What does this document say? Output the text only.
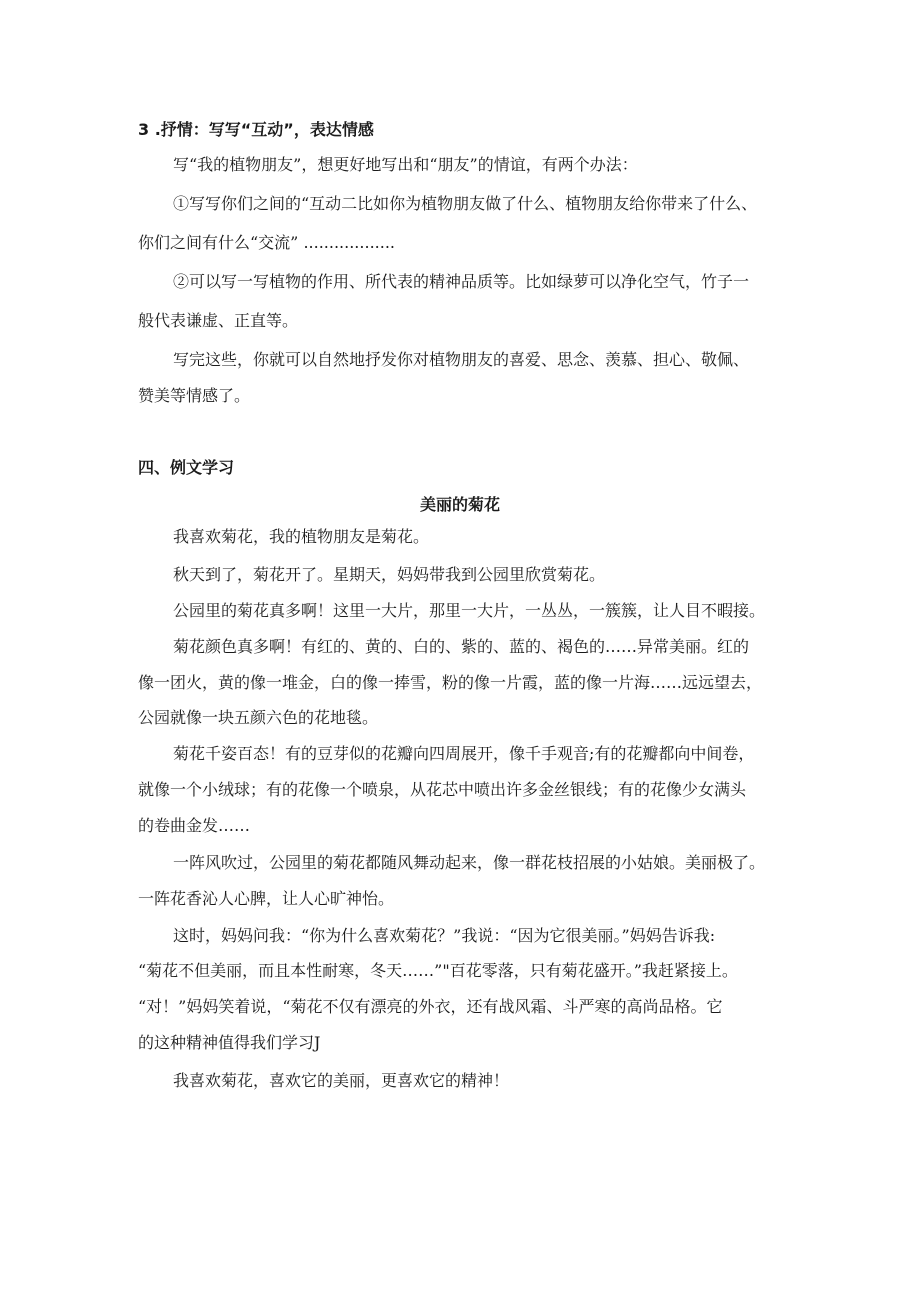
3 .抒情：写写“互动”，表达情感
写“我的植物朋友”，想更好地写出和“朋友”的情谊，有两个办法：
①写写你们之间的“互动二比如你为植物朋友做了什么、植物朋友给你带来了什么、
你们之间有什么“交流” ..................
②可以写一写植物的作用、所代表的精神品质等。比如绿萝可以净化空气，竹子一
般代表谦虚、正直等。
写完这些，你就可以自然地抒发你对植物朋友的喜爱、思念、羡慕、担心、敬佩、
赞美等情感了。
四、例文学习
美丽的菊花
我喜欢菊花，我的植物朋友是菊花。
秋天到了，菊花开了。星期天，妈妈带我到公园里欣赏菊花。
公园里的菊花真多啊！这里一大片，那里一大片，一丛丛，一簇簇，让人目不暇接。
菊花颜色真多啊！有红的、黄的、白的、紫的、蓝的、褐色的……异常美丽。红的
像一团火，黄的像一堆金，白的像一捧雪，粉的像一片霞，蓝的像一片海……远远望去，
公园就像一块五颜六色的花地毯。
菊花千姿百态！有的豆芽似的花瓣向四周展开，像千手观音;有的花瓣都向中间卷，
就像一个小绒球；有的花像一个喷泉，从花芯中喷出许多金丝银线；有的花像少女满头
的卷曲金发……
一阵风吹过，公园里的菊花都随风舞动起来，像一群花枝招展的小姑娘。美丽极了。
一阵花香沁人心脾，让人心旷神怡。
这时，妈妈问我：“你为什么喜欢菊花？”我说：“因为它很美丽。”妈妈告诉我:
“菊花不但美丽，而且本性耐寒，冬天……”"百花零落，只有菊花盛开。”我赶紧接上。
“对！”妈妈笑着说，“菊花不仅有漂亮的外衣，还有战风霜、斗严寒的高尚品格。它
的这种精神值得我们学习J
我喜欢菊花，喜欢它的美丽，更喜欢它的精神！
